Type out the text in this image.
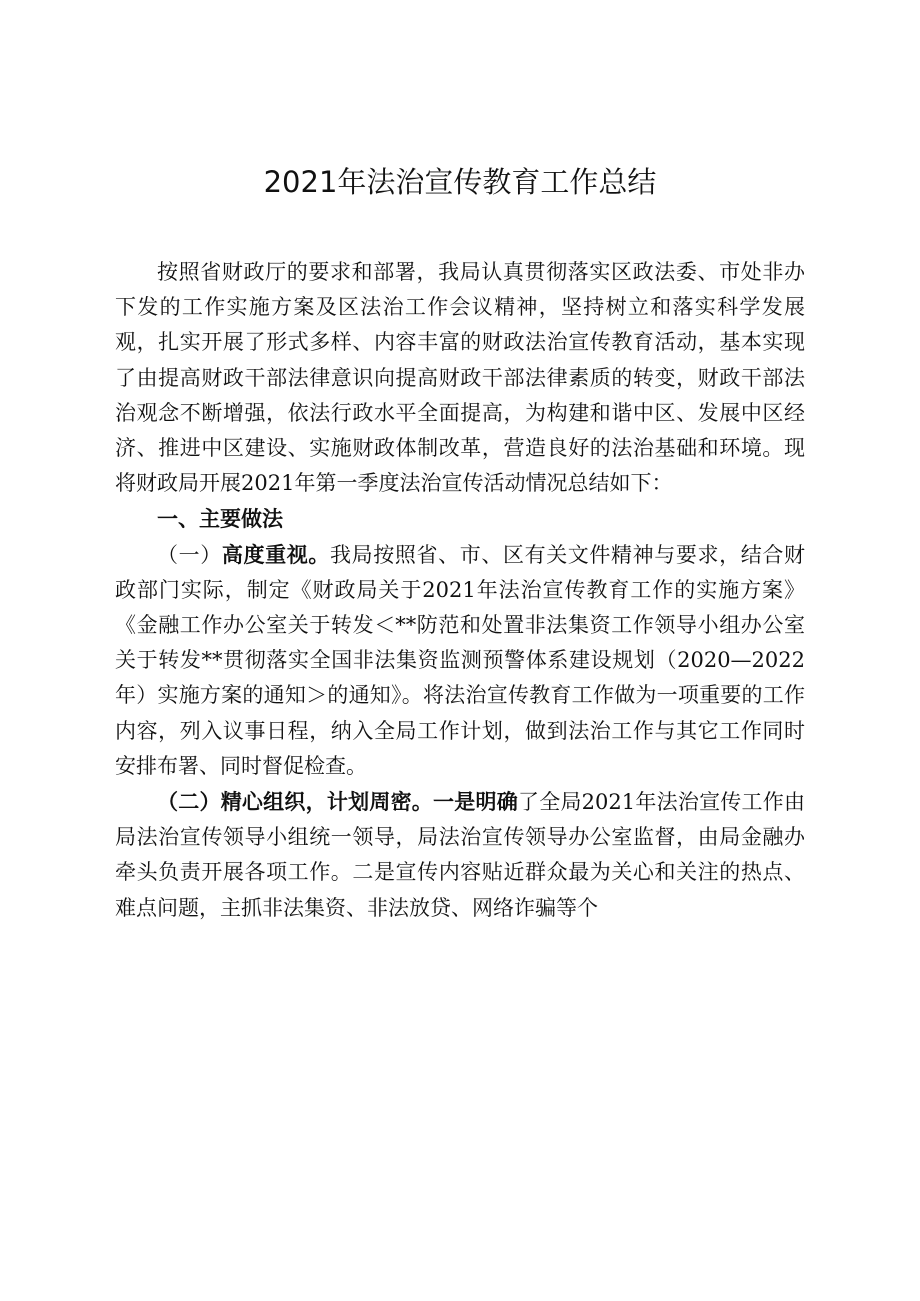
2021年法治宣传教育工作总结

按照省财政厅的要求和部署，我局认真贯彻落实区政法委、市处非办下发的工作实施方案及区法治工作会议精神，坚持树立和落实科学发展观，扎实开展了形式多样、内容丰富的财政法治宣传教育活动，基本实现了由提高财政干部法律意识向提高财政干部法律素质的转变，财政干部法治观念不断增强，依法行政水平全面提高，为构建和谐中区、发展中区经济、推进中区建设、实施财政体制改革，营造良好的法治基础和环境。现将财政局开展2021年第一季度法治宣传活动情况总结如下：

一、主要做法

（一）高度重视。我局按照省、市、区有关文件精神与要求，结合财政部门实际，制定《财政局关于2021年法治宣传教育工作的实施方案》《金融工作办公室关于转发＜**防范和处置非法集资工作领导小组办公室关于转发**贯彻落实全国非法集资监测预警体系建设规划（2020—2022年）实施方案的通知＞的通知》。将法治宣传教育工作做为一项重要的工作内容，列入议事日程，纳入全局工作计划，做到法治工作与其它工作同时安排布署、同时督促检查。

（二）精心组织，计划周密。一是明确了全局2021年法治宣传工作由局法治宣传领导小组统一领导，局法治宣传领导办公室监督，由局金融办牵头负责开展各项工作。二是宣传内容贴近群众最为关心和关注的热点、难点问题，主抓非法集资、非法放贷、网络诈骗等个
